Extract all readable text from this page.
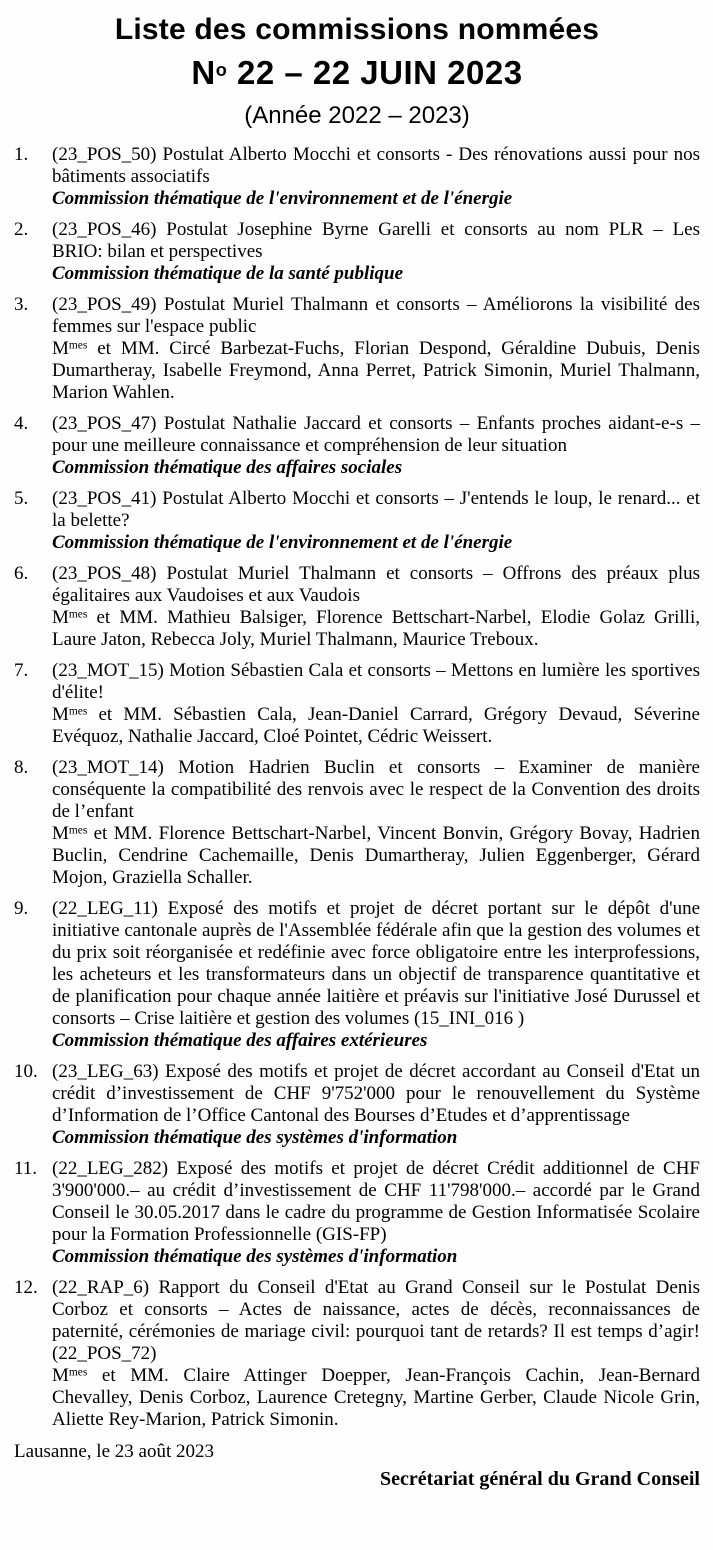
Liste des commissions nommées
$N^o$ 22 – 22 JUIN 2023
(Année 2022 – 2023)
1.	(23_POS_50) Postulat Alberto Mocchi et consorts - Des rénovations aussi pour nos bâtiments associatifs
Commission thématique de l'environnement et de l'énergie
2.	(23_POS_46) Postulat Josephine Byrne Garelli et consorts au nom PLR – Les BRIO: bilan et perspectives
Commission thématique de la santé publique
3.	(23_POS_49) Postulat Muriel Thalmann et consorts – Améliorons la visibilité des femmes sur l'espace public
$M^{mes}$ et MM. Circé Barbezat-Fuchs, Florian Despond, Géraldine Dubuis, Denis Dumartheray, Isabelle Freymond, Anna Perret, Patrick Simonin, Muriel Thalmann, Marion Wahlen.
4.	(23_POS_47) Postulat Nathalie Jaccard et consorts – Enfants proches aidant-e-s – pour une meilleure connaissance et compréhension de leur situation
Commission thématique des affaires sociales
5.	(23_POS_41) Postulat Alberto Mocchi et consorts – J'entends le loup, le renard... et la belette?
Commission thématique de l'environnement et de l'énergie
6.	(23_POS_48) Postulat Muriel Thalmann et consorts – Offrons des préaux plus égalitaires aux Vaudoises et aux Vaudois
$M^{mes}$ et MM. Mathieu Balsiger, Florence Bettschart-Narbel, Elodie Golaz Grilli, Laure Jaton, Rebecca Joly, Muriel Thalmann, Maurice Treboux.
7.	(23_MOT_15) Motion Sébastien Cala et consorts – Mettons en lumière les sportives d'élite!
$M^{mes}$ et MM. Sébastien Cala, Jean-Daniel Carrard, Grégory Devaud, Séverine Evéquoz, Nathalie Jaccard, Cloé Pointet, Cédric Weissert.
8.	(23_MOT_14) Motion Hadrien Buclin et consorts – Examiner de manière conséquente la compatibilité des renvois avec le respect de la Convention des droits de l’enfant
$M^{mes}$ et MM. Florence Bettschart-Narbel, Vincent Bonvin, Grégory Bovay, Hadrien Buclin, Cendrine Cachemaille, Denis Dumartheray, Julien Eggenberger, Gérard Mojon, Graziella Schaller.
9.	(22_LEG_11) Exposé des motifs et projet de décret portant sur le dépôt d'une initiative cantonale auprès de l'Assemblée fédérale afin que la gestion des volumes et du prix soit réorganisée et redéfinie avec force obligatoire entre les interprofessions, les acheteurs et les transformateurs dans un objectif de transparence quantitative et de planification pour chaque année laitière et préavis sur l'initiative José Durussel et consorts – Crise laitière et gestion des volumes (15_INI_016 )
Commission thématique des affaires extérieures
10. (23_LEG_63) Exposé des motifs et projet de décret accordant au Conseil d'Etat un crédit d’investissement de CHF 9'752'000 pour le renouvellement du Système d’Information de l’Office Cantonal des Bourses d’Etudes et d’apprentissage
Commission thématique des systèmes d'information
11. (22_LEG_282) Exposé des motifs et projet de décret Crédit additionnel de CHF 3'900'000.– au crédit d’investissement de CHF 11'798'000.– accordé par le Grand Conseil le 30.05.2017 dans le cadre du programme de Gestion Informatisée Scolaire pour la Formation Professionnelle (GIS-FP)
Commission thématique des systèmes d'information
12. (22_RAP_6) Rapport du Conseil d'Etat au Grand Conseil sur le Postulat Denis Corboz et consorts – Actes de naissance, actes de décès, reconnaissances de paternité, cérémonies de mariage civil: pourquoi tant de retards? Il est temps d’agir! (22_POS_72)
$M^{mes}$ et MM. Claire Attinger Doepper, Jean-François Cachin, Jean-Bernard Chevalley, Denis Corboz, Laurence Cretegny, Martine Gerber, Claude Nicole Grin, Aliette Rey-Marion, Patrick Simonin.
Lausanne, le 23 août 2023
Secrétariat général du Grand Conseil
